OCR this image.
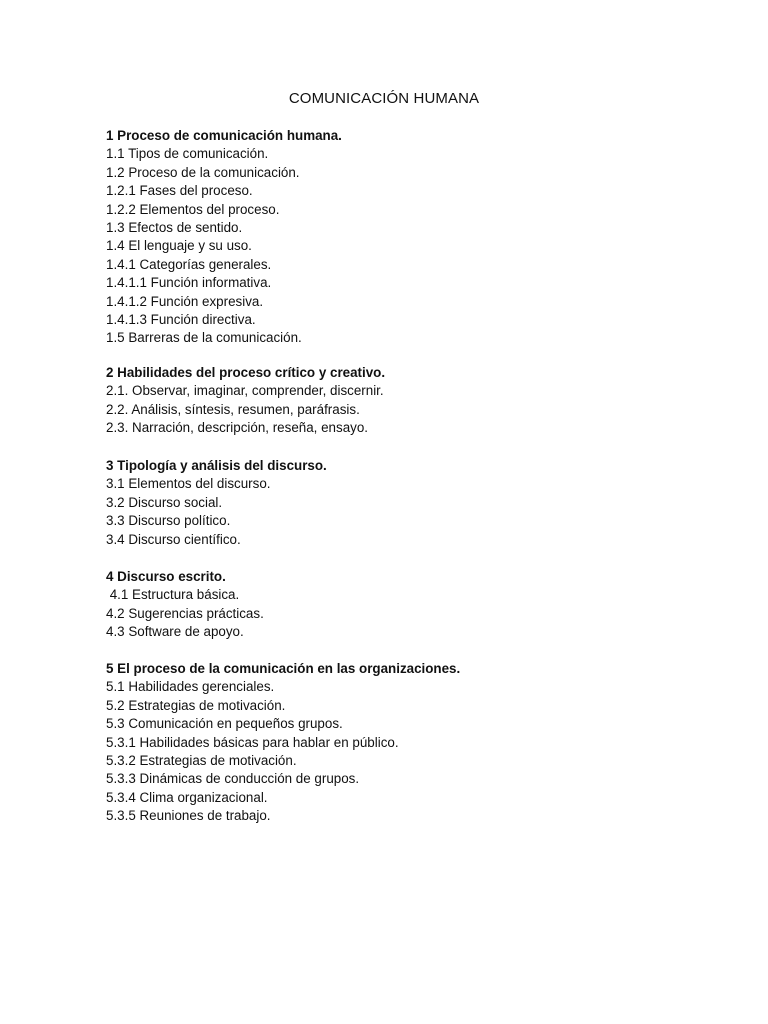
COMUNICACIÓN HUMANA
1 Proceso de comunicación humana.
1.1 Tipos de comunicación.
1.2 Proceso de la comunicación.
1.2.1 Fases del proceso.
1.2.2 Elementos del proceso.
1.3 Efectos de sentido.
1.4 El lenguaje y su uso.
1.4.1 Categorías generales.
1.4.1.1 Función informativa.
1.4.1.2 Función expresiva.
1.4.1.3 Función directiva.
1.5 Barreras de la comunicación.
2 Habilidades del proceso crítico y creativo.
2.1. Observar, imaginar, comprender, discernir.
2.2. Análisis, síntesis, resumen, paráfrasis.
2.3. Narración, descripción, reseña, ensayo.
3 Tipología y análisis del discurso.
3.1 Elementos del discurso.
3.2 Discurso social.
3.3 Discurso político.
3.4 Discurso científico.
4 Discurso escrito.
4.1 Estructura básica.
4.2 Sugerencias prácticas.
4.3 Software de apoyo.
5 El proceso de la comunicación en las organizaciones.
5.1 Habilidades gerenciales.
5.2 Estrategias de motivación.
5.3 Comunicación en pequeños grupos.
5.3.1 Habilidades básicas para hablar en público.
5.3.2 Estrategias de motivación.
5.3.3 Dinámicas de conducción de grupos.
5.3.4 Clima organizacional.
5.3.5 Reuniones de trabajo.
